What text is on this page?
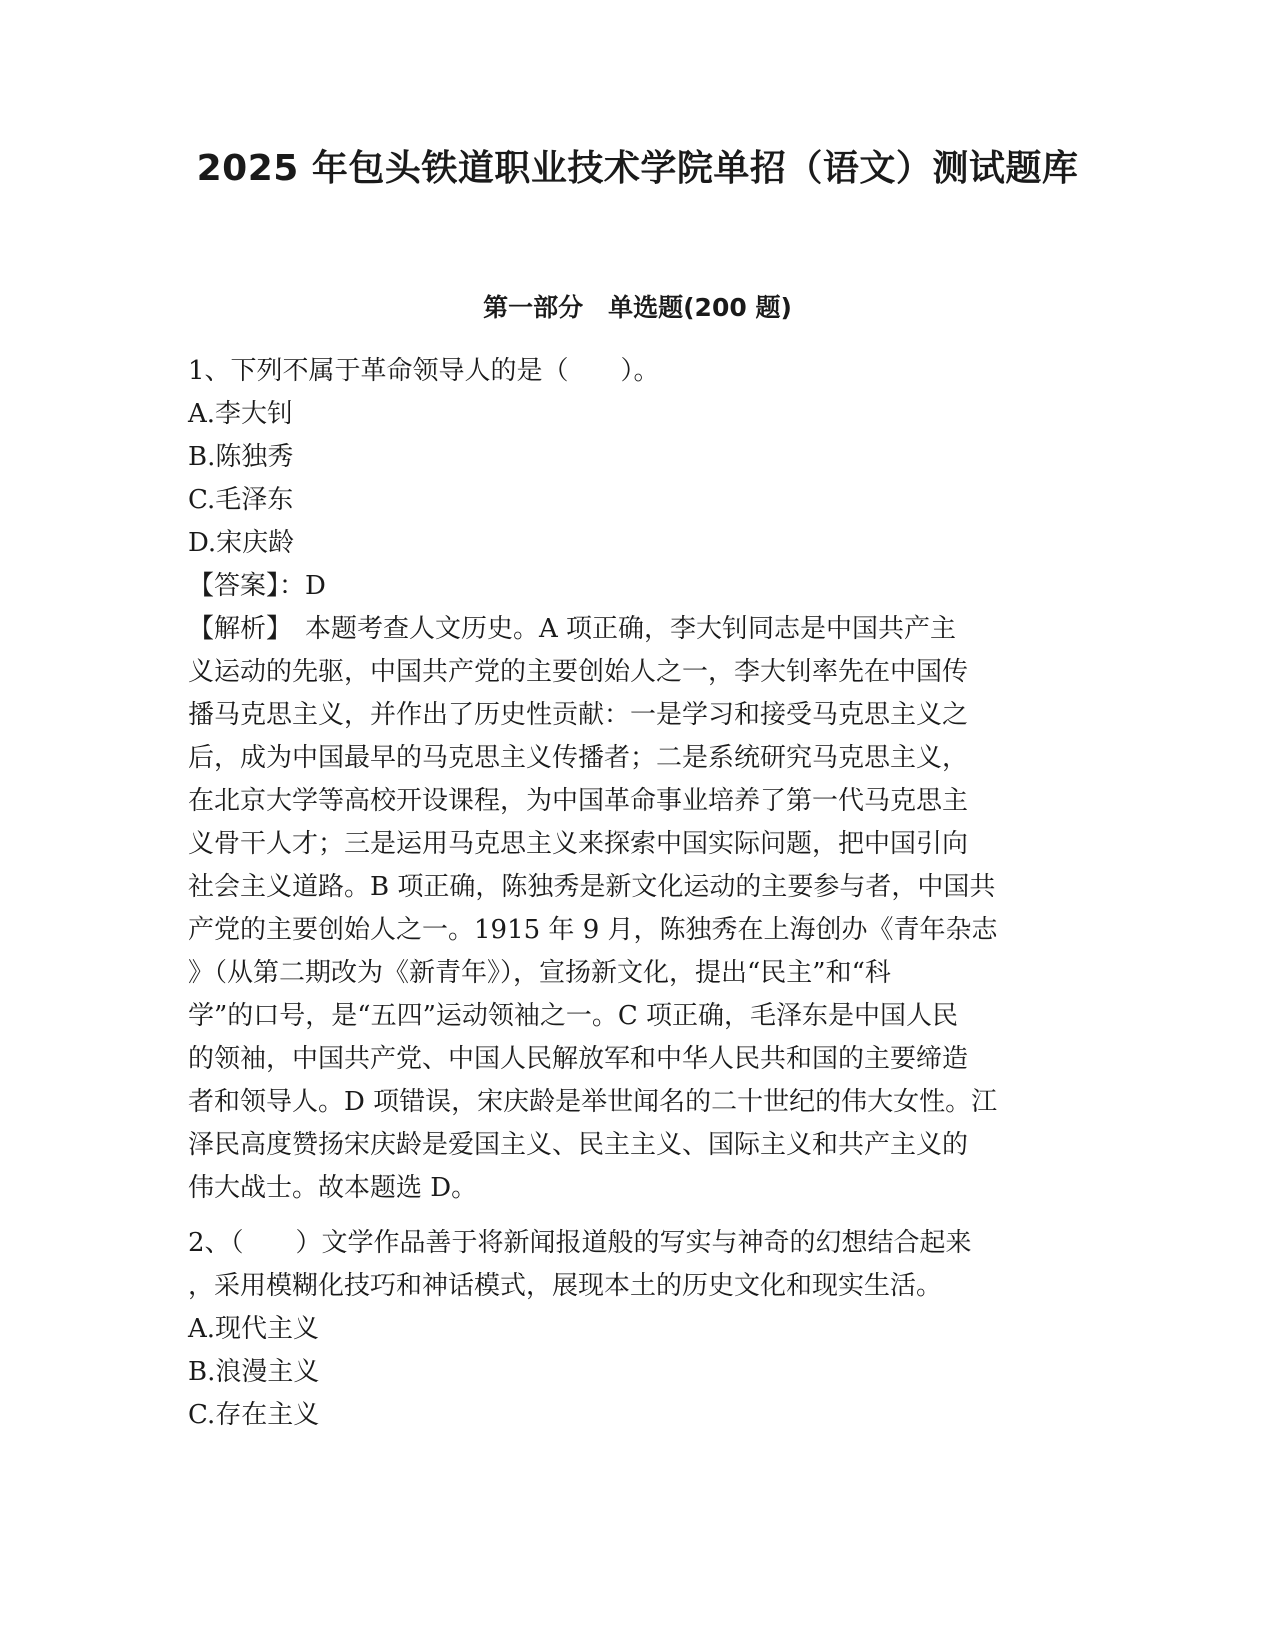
2025 年包头铁道职业技术学院单招（语文）测试题库
第一部分　单选题(200 题)
1、下列不属于革命领导人的是（　　）。
A.李大钊
B.陈独秀
C.毛泽东
D.宋庆龄
【答案】：D
【解析】　本题考查人文历史。A 项正确，李大钊同志是中国共产主
义运动的先驱，中国共产党的主要创始人之一，李大钊率先在中国传
播马克思主义，并作出了历史性贡献：一是学习和接受马克思主义之
后，成为中国最早的马克思主义传播者；二是系统研究马克思主义，
在北京大学等高校开设课程，为中国革命事业培养了第一代马克思主
义骨干人才；三是运用马克思主义来探索中国实际问题，把中国引向
社会主义道路。B 项正确，陈独秀是新文化运动的主要参与者，中国共
产党的主要创始人之一。1915 年 9 月，陈独秀在上海创办《青年杂志
》（从第二期改为《新青年》），宣扬新文化，提出“民主”和“科
学”的口号，是“五四”运动领袖之一。C 项正确，毛泽东是中国人民
的领袖，中国共产党、中国人民解放军和中华人民共和国的主要缔造
者和领导人。D 项错误，宋庆龄是举世闻名的二十世纪的伟大女性。江
泽民高度赞扬宋庆龄是爱国主义、民主主义、国际主义和共产主义的
伟大战士。故本题选 D。
2、（　　）文学作品善于将新闻报道般的写实与神奇的幻想结合起来
，采用模糊化技巧和神话模式，展现本土的历史文化和现实生活。
A.现代主义
B.浪漫主义
C.存在主义
